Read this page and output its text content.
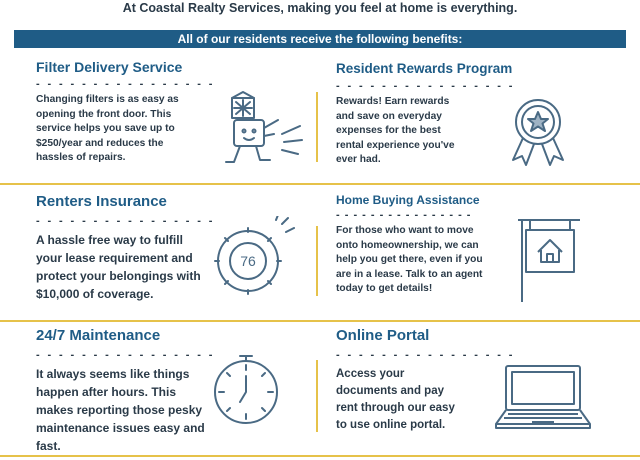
At Coastal Realty Services, making you feel at home is everything.
All of our residents receive the following benefits:
Filter Delivery Service
- - - - - - - - - - - - - - - -
Changing filters is as easy as
opening the front door. This
service helps you save up to
$250/year and reduces the
hassles of repairs.
Resident Rewards Program
- - - - - - - - - - - - - - - -
Rewards! Earn rewards
and save on everyday
expenses for the best
rental experience you've
ever had.
Renters Insurance
- - - - - - - - - - - - - - - -
A hassle free way to fulfill
your lease requirement and
protect your belongings with
$10,000 of coverage.
76
Home Buying Assistance
- - - - - - - - - - - - - - - -
For those who want to move
onto homeownership, we can
help you get there, even if you
are in a lease. Talk to an agent
today to get details!
24/7 Maintenance
- - - - - - - - - - - - - - - -
It always seems like things
happen after hours. This
makes reporting those pesky
maintenance issues easy and
fast.
Online Portal
- - - - - - - - - - - - - - - -
Access your
documents and pay
rent through our easy
to use online portal.
